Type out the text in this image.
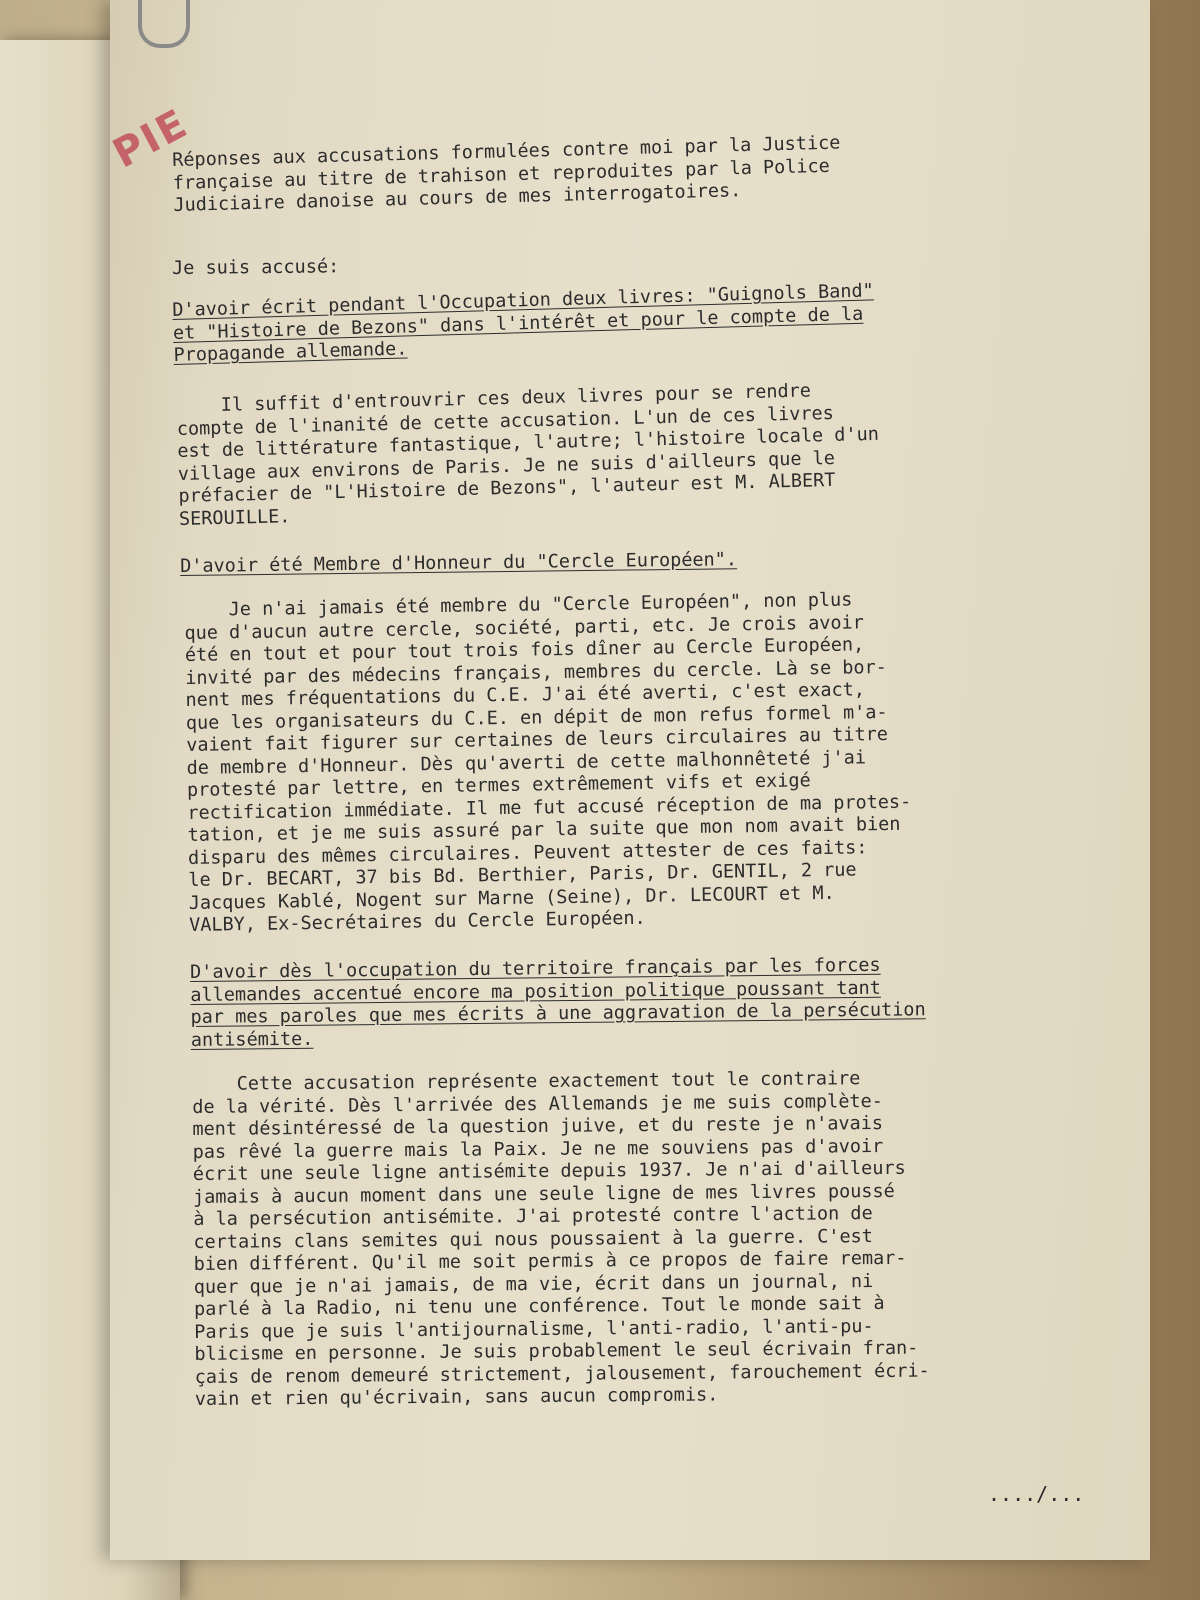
PIE
Réponses aux accusations formulées contre moi par la Justice
française au titre de trahison et reproduites par la Police
Judiciaire danoise au cours de mes interrogatoires.
Je suis accusé:
D'avoir écrit pendant l'Occupation deux livres: "Guignols Band"
et "Histoire de Bezons" dans l'intérêt et pour le compte de la
Propagande allemande.
Il suffit d'entrouvrir ces deux livres pour se rendre
compte de l'inanité de cette accusation. L'un de ces livres
est de littérature fantastique, l'autre; l'histoire locale d'un
village aux environs de Paris. Je ne suis d'ailleurs que le
préfacier de "L'Histoire de Bezons", l'auteur est M. ALBERT
SEROUILLE.
D'avoir été Membre d'Honneur du "Cercle Européen".
Je n'ai jamais été membre du "Cercle Européen", non plus
que d'aucun autre cercle, société, parti, etc. Je crois avoir
été en tout et pour tout trois fois dîner au Cercle Européen,
invité par des médecins français, membres du cercle. Là se bor-
nent mes fréquentations du C.E. J'ai été averti, c'est exact,
que les organisateurs du C.E. en dépit de mon refus formel m'a-
vaient fait figurer sur certaines de leurs circulaires au titre
de membre d'Honneur. Dès qu'averti de cette malhonnêteté j'ai
protesté par lettre, en termes extrêmement vifs et exigé
rectification immédiate. Il me fut accusé réception de ma protes-
tation, et je me suis assuré par la suite que mon nom avait bien
disparu des mêmes circulaires. Peuvent attester de ces faits:
le Dr. BECART, 37 bis Bd. Berthier, Paris, Dr. GENTIL, 2 rue
Jacques Kablé, Nogent sur Marne (Seine), Dr. LECOURT et M.
VALBY, Ex-Secrétaires du Cercle Européen.
D'avoir dès l'occupation du territoire français par les forces
allemandes accentué encore ma position politique poussant tant
par mes paroles que mes écrits à une aggravation de la persécution
antisémite.
Cette accusation représente exactement tout le contraire
de la vérité. Dès l'arrivée des Allemands je me suis complète-
ment désintéressé de la question juive, et du reste je n'avais
pas rêvé la guerre mais la Paix. Je ne me souviens pas d'avoir
écrit une seule ligne antisémite depuis 1937. Je n'ai d'ailleurs
jamais à aucun moment dans une seule ligne de mes livres poussé
à la persécution antisémite. J'ai protesté contre l'action de
certains clans semites qui nous poussaient à la guerre. C'est
bien différent. Qu'il me soit permis à ce propos de faire remar-
quer que je n'ai jamais, de ma vie, écrit dans un journal, ni
parlé à la Radio, ni tenu une conférence. Tout le monde sait à
Paris que je suis l'antijournalisme, l'anti-radio, l'anti-pu-
blicisme en personne. Je suis probablement le seul écrivain fran-
çais de renom demeuré strictement, jalousement, farouchement écri-
vain et rien qu'écrivain, sans aucun compromis.
..../...
